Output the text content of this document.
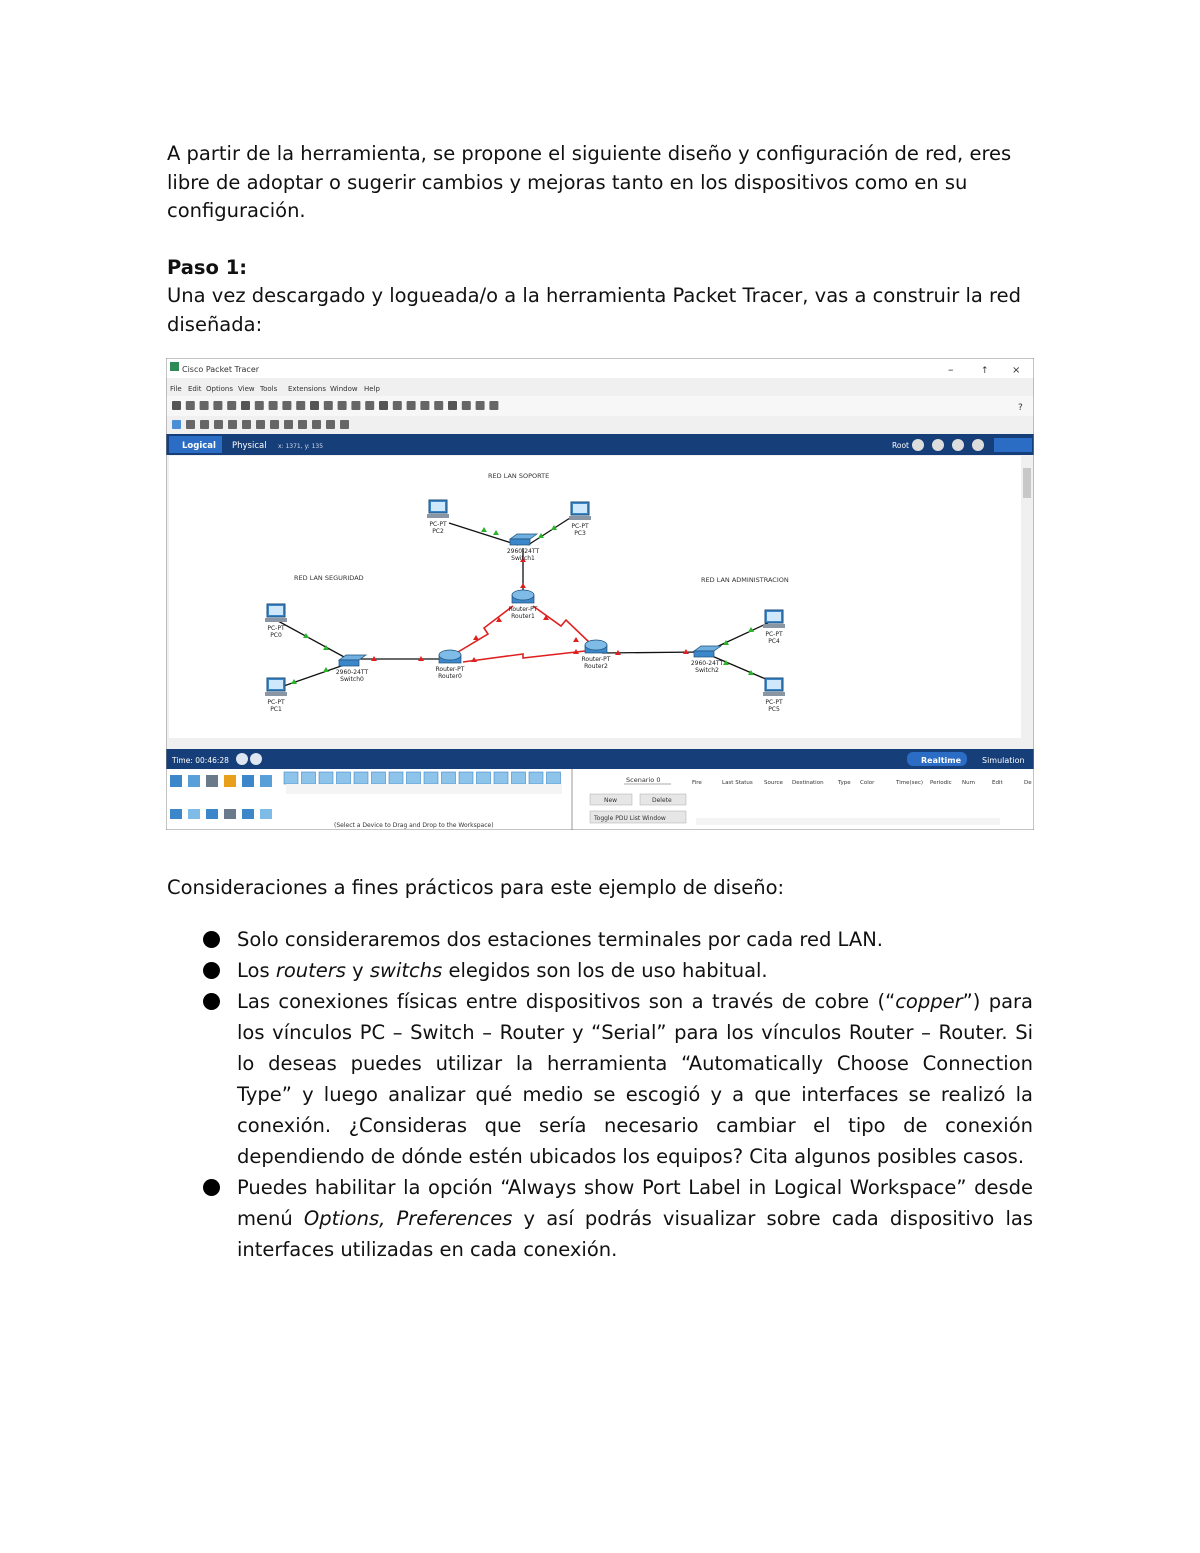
A partir de la herramienta, se propone el siguiente diseño y configuración de red, eres libre de adoptar o sugerir cambios y mejoras tanto en los dispositivos como en su configuración.

Paso 1:

Una vez descargado y logueada/o a la herramienta Packet Tracer, vas a construir la red diseñada:

Cisco Packet Tracer	–	↑ ×
File Edit Options View Tools Extensions Window Help
?
Logical Physical x: 1371, y: 135	Root
RED LAN SOPORTE
RED LAN SEGURIDAD	RED LAN ADMINISTRACION
PC-PT
PC2
PC-PT
PC3
2960-24TT
Switch1
Router-PT
Router1
PC-PT
PC0
PC-PT
PC1
2960-24TT
Switch0
Router-PT
Router0
Router-PT
Router2	2960-24TT
Switch2
PC-PT
PC4
PC-PT
PC5
Time: 00:46:28	Realtime	Simulation
(Select a Device to Drag and Drop to the Workspace)
Scenario 0
New	Delete
Toggle PDU List Window
Fire	Last Status Source Destination	Type Color	Time(sec) Periodic Num	Edit	De
Consideraciones a fines prácticos para este ejemplo de diseño:
Solo consideraremos dos estaciones terminales por cada red LAN.
Los routers y switchs elegidos son los de uso habitual.
Las conexiones físicas entre dispositivos son a través de cobre (“copper”) para los vínculos PC – Switch – Router y “Serial” para los vínculos Router – Router. Si lo deseas puedes utilizar la herramienta “Automatically Choose Connection Type” y luego analizar qué medio se escogió y a que interfaces se realizó la conexión. ¿Consideras que sería necesario cambiar el tipo de conexión dependiendo de dónde estén ubicados los equipos? Cita algunos posibles casos.
Puedes habilitar la opción “Always show Port Label in Logical Workspace” desde menú Options, Preferences y así podrás visualizar sobre cada dispositivo las interfaces utilizadas en cada conexión.
